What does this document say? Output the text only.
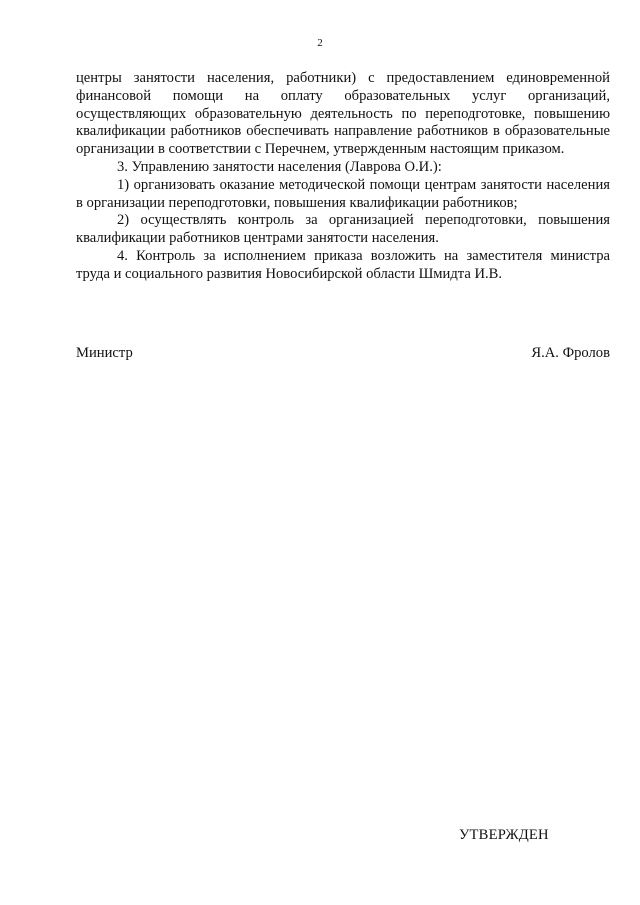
2

центры занятости населения, работники) с предоставлением единовременной финансовой помощи на оплату образовательных услуг организаций, осуществляющих образовательную деятельность по переподготовке, повышению квалификации работников обеспечивать направление работников в образовательные организации в соответствии с Перечнем, утвержденным настоящим приказом.

3. Управлению занятости населения (Лаврова О.И.):

1) организовать оказание методической помощи центрам занятости населения в организации переподготовки, повышения квалификации работников;

2) осуществлять контроль за организацией переподготовки, повышения квалификации работников центрами занятости населения.

4. Контроль за исполнением приказа возложить на заместителя министра труда и социального развития Новосибирской области Шмидта И.В.

Министр	Я.А. Фролов
УТВЕРЖДЕН
